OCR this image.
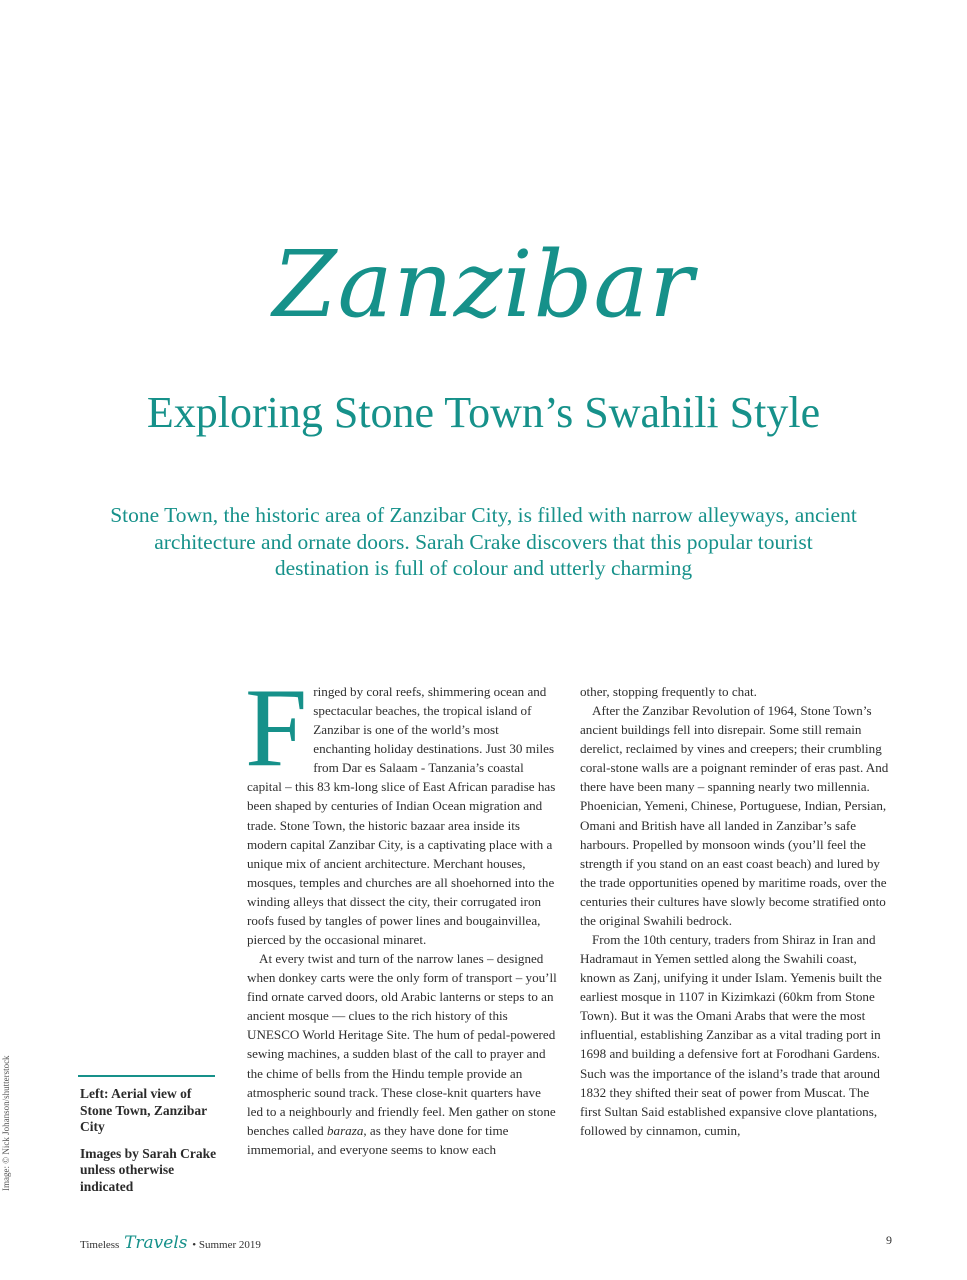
Zanzibar
Exploring Stone Town’s Swahili Style
Stone Town, the historic area of Zanzibar City, is filled with narrow alleyways, ancient architecture and ornate doors. Sarah Crake discovers that this popular tourist destination is full of colour and utterly charming

Fringed by coral reefs, shimmering ocean and spectacular beaches, the tropical island of Zanzibar is one of the world’s most enchanting holiday destinations. Just 30 miles from Dar es Salaam - Tanzania’s coastal capital – this 83 km-long slice of East African paradise has been shaped by centuries of Indian Ocean migration and trade. Stone Town, the historic bazaar area inside its modern capital Zanzibar City, is a captivating place with a unique mix of ancient architecture. Merchant houses, mosques, temples and churches are all shoehorned into the winding alleys that dissect the city, their corrugated iron roofs fused by tangles of power lines and bougainvillea, pierced by the occasional minaret.

At every twist and turn of the narrow lanes – designed when donkey carts were the only form of transport – you’ll find ornate carved doors, old Arabic lanterns or steps to an ancient mosque — clues to the rich history of this UNESCO World Heritage Site. The hum of pedal-powered sewing machines, a sudden blast of the call to prayer and the chime of bells from the Hindu temple provide an atmospheric sound track. These close-knit quarters have led to a neighbourly and friendly feel. Men gather on stone benches called baraza, as they have done for time immemorial, and everyone seems to know each

other, stopping frequently to chat.

After the Zanzibar Revolution of 1964, Stone Town’s ancient buildings fell into disrepair. Some still remain derelict, reclaimed by vines and creepers; their crumbling coral-stone walls are a poignant reminder of eras past. And there have been many – spanning nearly two millennia. Phoenician, Yemeni, Chinese, Portuguese, Indian, Persian, Omani and British have all landed in Zanzibar’s safe harbours. Propelled by monsoon winds (you’ll feel the strength if you stand on an east coast beach) and lured by the trade opportunities opened by maritime roads, over the centuries their cultures have slowly become stratified onto the original Swahili bedrock.

From the 10th century, traders from Shiraz in Iran and Hadramaut in Yemen settled along the Swahili coast, known as Zanj, unifying it under Islam. Yemenis built the earliest mosque in 1107 in Kizimkazi (60km from Stone Town). But it was the Omani Arabs that were the most influential, establishing Zanzibar as a vital trading port in 1698 and building a defensive fort at Forodhani Gardens. Such was the importance of the island’s trade that around 1832 they shifted their seat of power from Muscat. The first Sultan Said established expansive clove plantations, followed by cinnamon, cumin,

Left: Aerial view of Stone Town, Zanzibar City

Images by Sarah Crake unless otherwise indicated

Image: © Nick Johanson/shutterstock
Timeless Travels • Summer 2019	9
